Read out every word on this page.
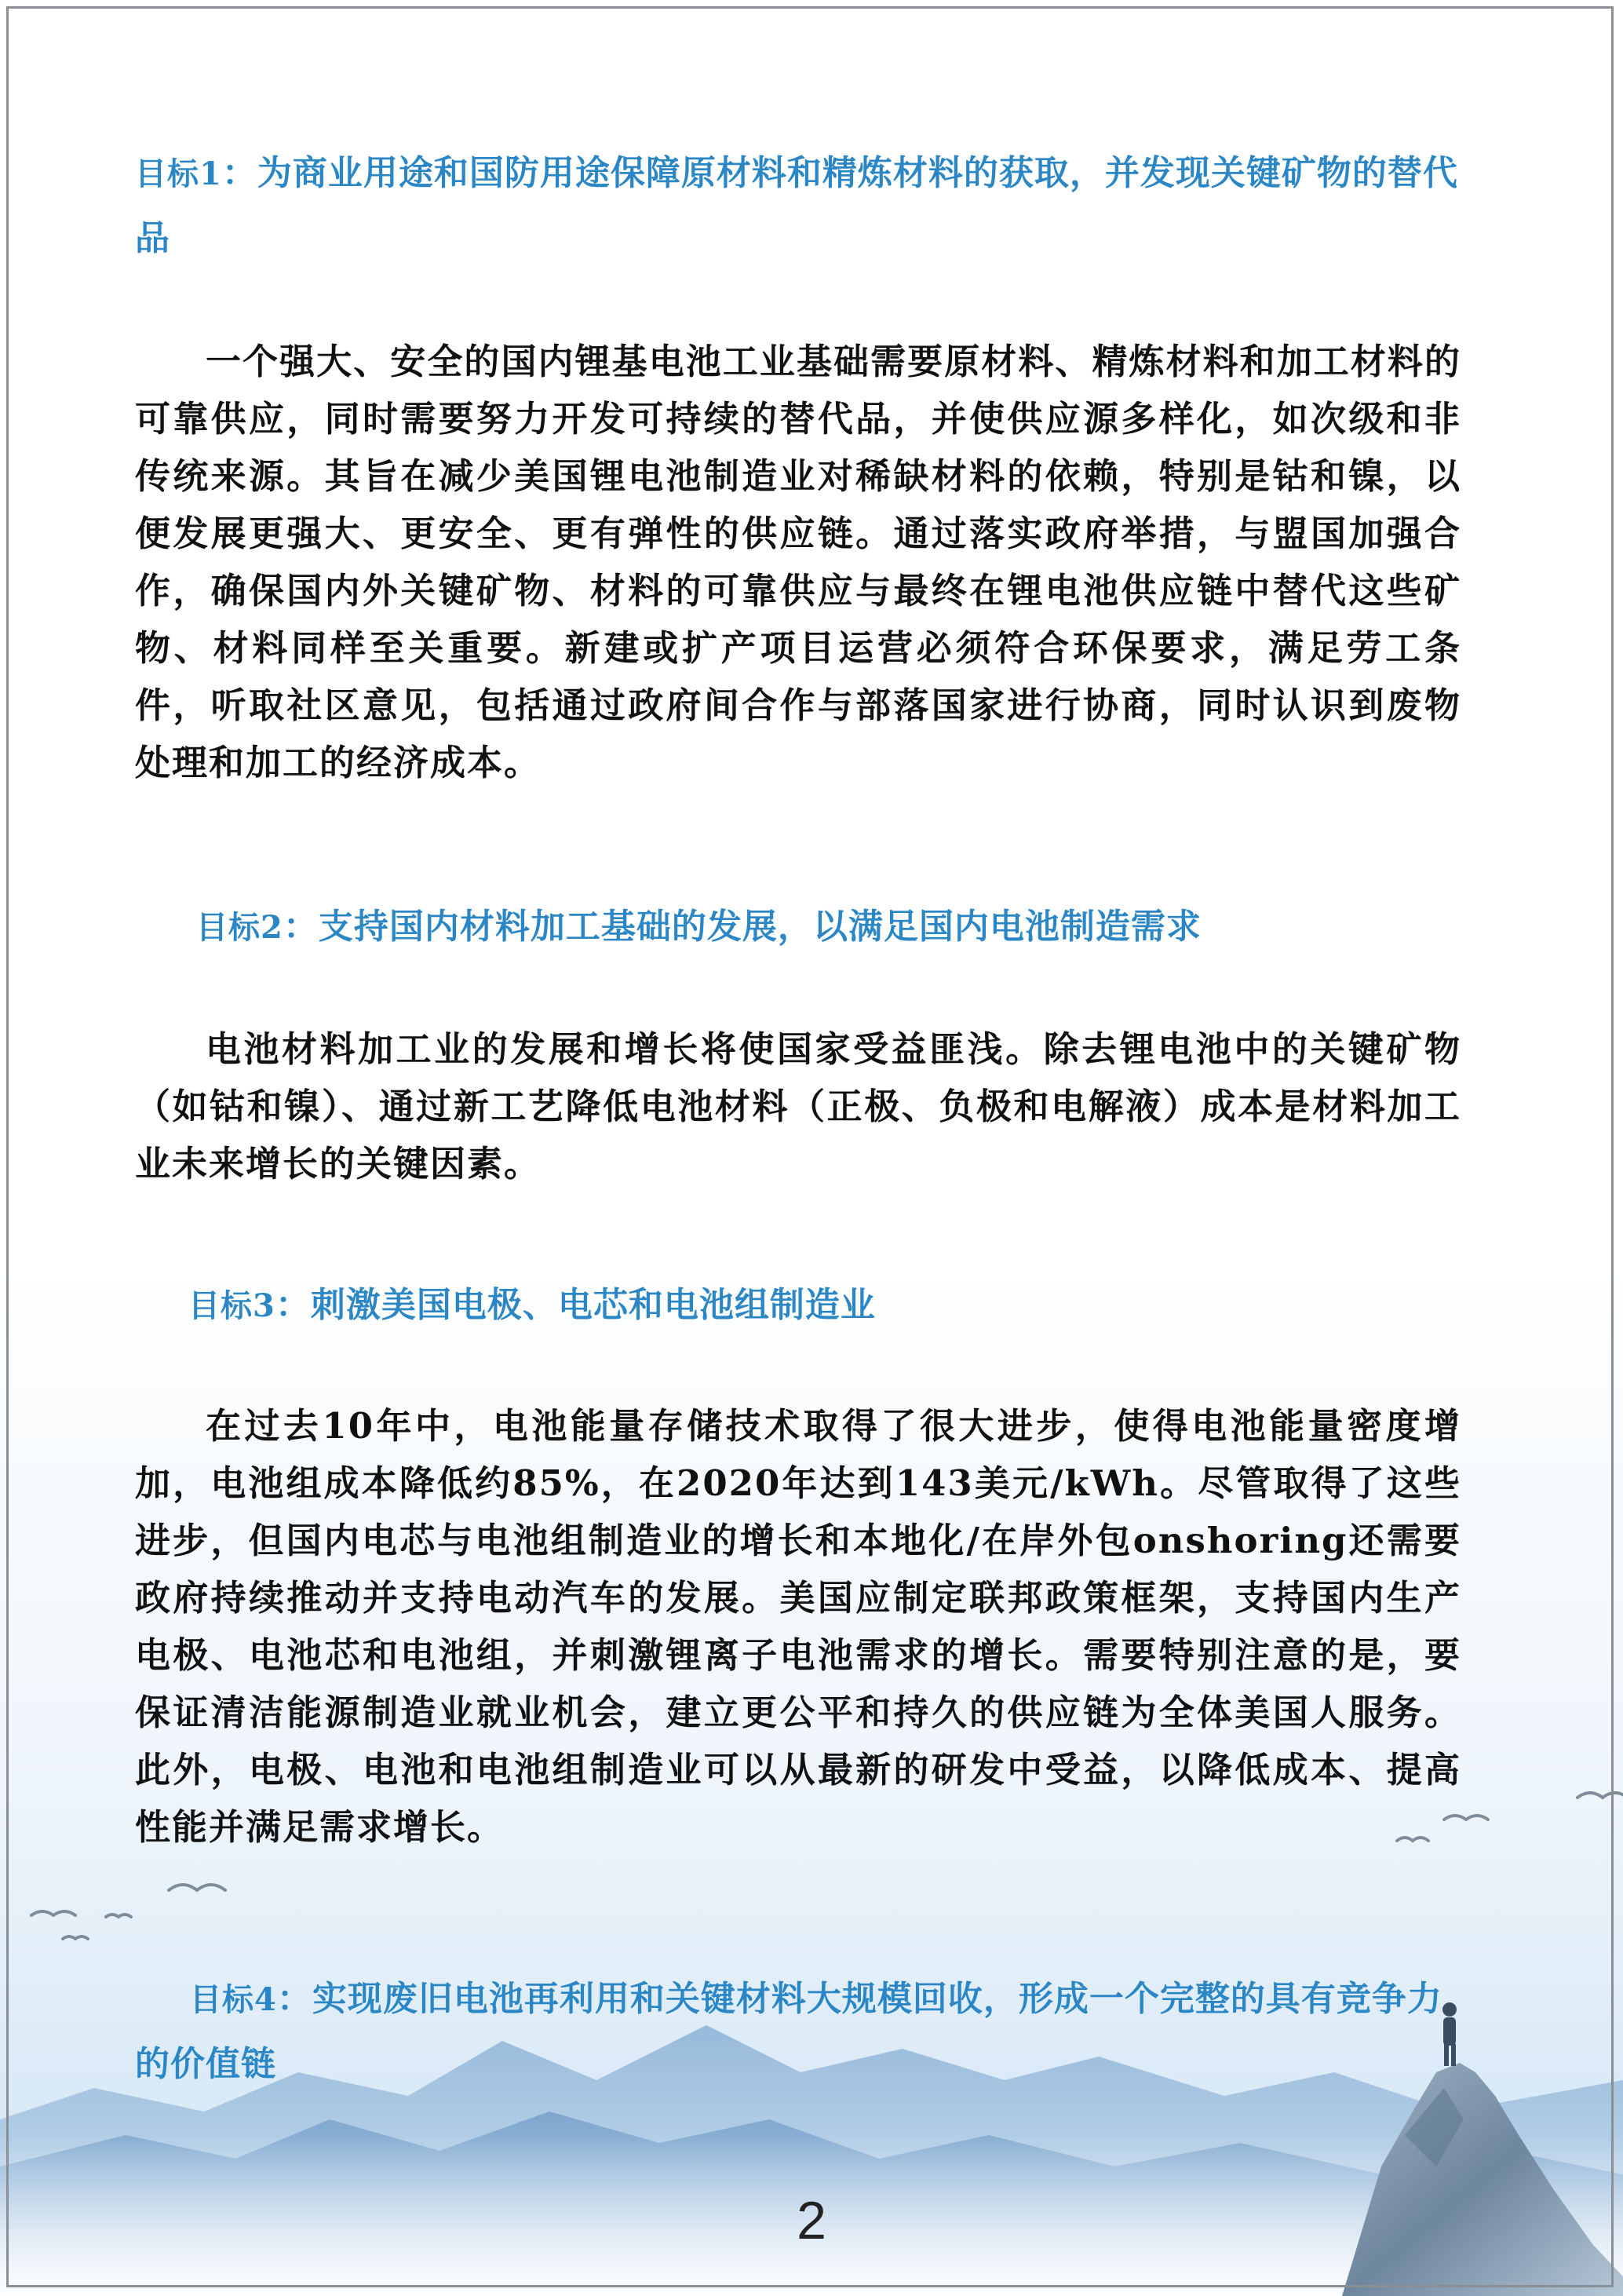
目标1：为商业用途和国防用途保障原材料和精炼材料的获取，并发现关键矿物的替代品
一个强大、安全的国内锂基电池工业基础需要原材料、精炼材料和加工材料的可靠供应，同时需要努力开发可持续的替代品，并使供应源多样化，如次级和非传统来源。其旨在减少美国锂电池制造业对稀缺材料的依赖，特别是钴和镍，以便发展更强大、更安全、更有弹性的供应链。通过落实政府举措，与盟国加强合作，确保国内外关键矿物、材料的可靠供应与最终在锂电池供应链中替代这些矿物、材料同样至关重要。新建或扩产项目运营必须符合环保要求，满足劳工条件，听取社区意见，包括通过政府间合作与部落国家进行协商，同时认识到废物处理和加工的经济成本。
目标2：支持国内材料加工基础的发展，以满足国内电池制造需求
电池材料加工业的发展和增长将使国家受益匪浅。除去锂电池中的关键矿物（如钴和镍）、通过新工艺降低电池材料（正极、负极和电解液）成本是材料加工业未来增长的关键因素。
目标3：刺激美国电极、电芯和电池组制造业
在过去10年中，电池能量存储技术取得了很大进步，使得电池能量密度增加，电池组成本降低约85%，在2020年达到143美元/kWh。尽管取得了这些进步，但国内电芯与电池组制造业的增长和本地化/在岸外包onshoring还需要政府持续推动并支持电动汽车的发展。美国应制定联邦政策框架，支持国内生产电极、电池芯和电池组，并刺激锂离子电池需求的增长。需要特别注意的是，要保证清洁能源制造业就业机会，建立更公平和持久的供应链为全体美国人服务。此外，电极、电池和电池组制造业可以从最新的研发中受益，以降低成本、提高性能并满足需求增长。
目标4：实现废旧电池再利用和关键材料大规模回收，形成一个完整的具有竞争力的价值链
2
